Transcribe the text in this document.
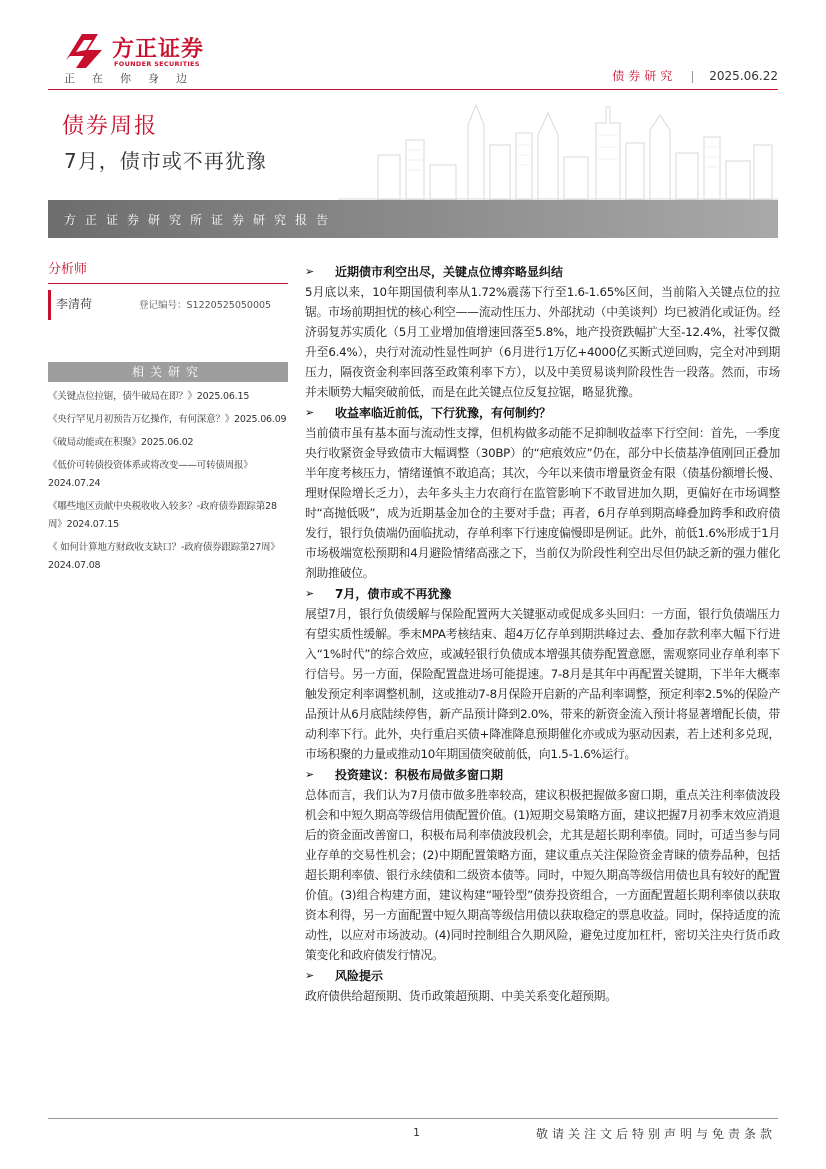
方正证券
FOUNDER SECURITIES
正在你身边	债券研究	2025.06.22
债券周报
7月，债市或不再犹豫
方正证券研究所证券研究报告
分析师
李清荷	登记编号：S1220525050005
相关研究
《关键点位拉锯，债牛破局在即？》2025.06.15
《央行罕见月初预告万亿操作，有何深意？》2025.06.09
《破局动能或在积聚》2025.06.02
《低价可转债投资体系或将改变——可转债周报》2024.07.24
《哪些地区贡献中央税收收入较多？-政府债券跟踪第28周》2024.07.15
《 如何计算地方财政收支缺口？-政府债券跟踪第27周》2024.07.08
➢ 近期债市利空出尽，关键点位博弈略显纠结

5月底以来，10年期国债利率从1.72%震荡下行至1.6-1.65%区间，当前陷入关键点位的拉锯。市场前期担忧的核心利空——流动性压力、外部扰动（中美谈判）均已被消化或证伪。经济弱复苏实质化（5月工业增加值增速回落至5.8%，地产投资跌幅扩大至-12.4%，社零仅微升至6.4%），央行对流动性显性呵护（6月进行1万亿+4000亿买断式逆回购，完全对冲到期压力，隔夜资金利率回落至政策利率下方），以及中美贸易谈判阶段性告一段落。然而，市场并未顺势大幅突破前低，而是在此关键点位反复拉锯，略显犹豫。

➢ 收益率临近前低，下行犹豫，有何制约？

当前债市虽有基本面与流动性支撑，但机构做多动能不足抑制收益率下行空间：首先，一季度央行收紧资金导致债市大幅调整（30BP）的“疤痕效应”仍在，部分中长债基净值刚回正叠加半年度考核压力，情绪谨慎不敢追高；其次，今年以来债市增量资金有限（债基份额增长慢、理财保险增长乏力），去年多头主力农商行在监管影响下不敢冒进加久期，更偏好在市场调整时“高抛低吸”，成为近期基金加仓的主要对手盘；再者，6月存单到期高峰叠加跨季和政府债发行，银行负债端仍面临扰动，存单利率下行速度偏慢即是例证。此外，前低1.6%形成于1月市场极端宽松预期和4月避险情绪高涨之下，当前仅为阶段性利空出尽但仍缺乏新的强力催化剂助推破位。

➢ 7月，债市或不再犹豫

展望7月，银行负债缓解与保险配置两大关键驱动或促成多头回归：一方面，银行负债端压力有望实质性缓解。季末MPA考核结束、超4万亿存单到期洪峰过去、叠加存款利率大幅下行进入“1%时代”的综合效应，或减轻银行负债成本增强其债券配置意愿，需观察同业存单利率下行信号。另一方面，保险配置盘进场可能提速。7-8月是其年中再配置关键期，下半年大概率触发预定利率调整机制，这或推动7-8月保险开启新的产品利率调整，预定利率2.5%的保险产品预计从6月底陆续停售，新产品预计降到2.0%，带来的新资金流入预计将显著增配长债，带动利率下行。此外，央行重启买债+降准降息预期催化亦或成为驱动因素，若上述利多兑现，市场积聚的力量或推动10年期国债突破前低，向1.5-1.6%运行。

➢ 投资建议：积极布局做多窗口期

总体而言，我们认为7月债市做多胜率较高，建议积极把握做多窗口期，重点关注利率债波段机会和中短久期高等级信用债配置价值。(1)短期交易策略方面，建议把握7月初季末效应消退后的资金面改善窗口，积极布局利率债波段机会，尤其是超长期利率债。同时，可适当参与同业存单的交易性机会；(2)中期配置策略方面，建议重点关注保险资金青睐的债券品种，包括超长期利率债、银行永续债和二级资本债等。同时，中短久期高等级信用债也具有较好的配置价值。(3)组合构建方面，建议构建“哑铃型”债券投资组合，一方面配置超长期利率债以获取资本利得，另一方面配置中短久期高等级信用债以获取稳定的票息收益。同时，保持适度的流动性，以应对市场波动。(4)同时控制组合久期风险，避免过度加杠杆，密切关注央行货币政策变化和政府债发行情况。

➢ 风险提示

政府债供给超预期、货币政策超预期、中美关系变化超预期。

1	敬请关注文后特别声明与免责条款
